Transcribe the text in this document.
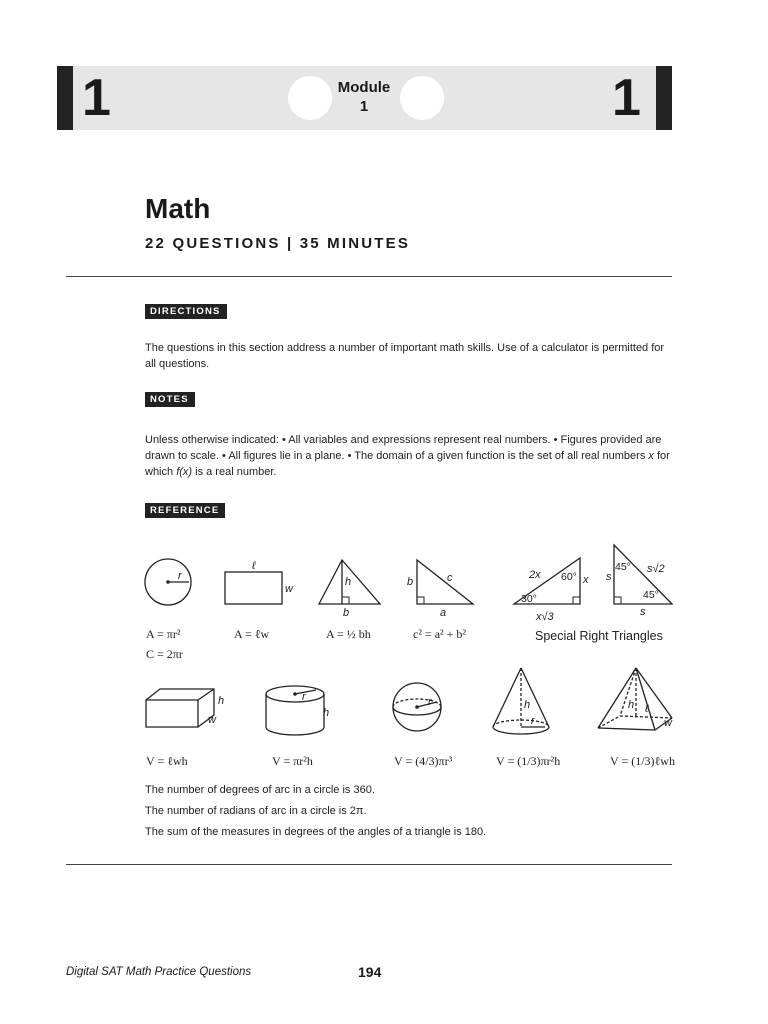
1	1
Module
1
Math
22 QUESTIONS | 35 MINUTES
DIRECTIONS
The questions in this section address a number of important math skills. Use of a calculator is permitted for all questions.
NOTES
Unless otherwise indicated: • All variables and expressions represent real numbers. • Figures provided are drawn to scale. • All figures lie in a plane. • The domain of a given function is the set of all real numbers x for which f(x) is a real number.
REFERENCE
r
ℓ
w
h
b
b
a
c	2x	x
x√3
s
s
s√2
h
w
r
h
r	h
r
h ℓ
w
60°
30°
45°
45°
Special Right Triangles
A = πr²
C = 2πr
A = ℓw	A = ½ bh	c² = a² + b²
V = ℓwh	V = πr²h	V = (4/3)πr³	V = (1/3)πr²h	V = (1/3)ℓwh
The number of degrees of arc in a circle is 360.
The number of radians of arc in a circle is 2π.
The sum of the measures in degrees of the angles of a triangle is 180.
Digital SAT Math Practice Questions	194
